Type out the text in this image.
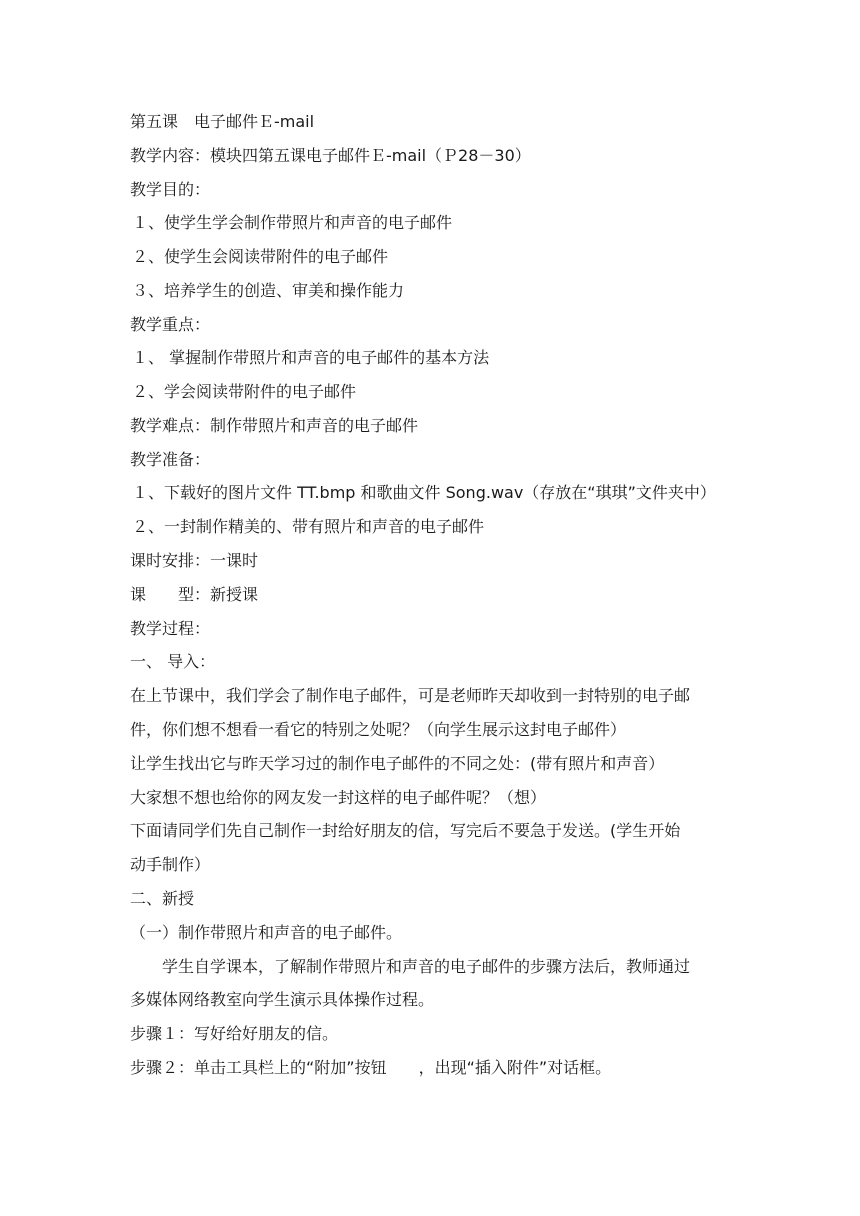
第五课　电子邮件Ｅ-mail
教学内容：模块四第五课电子邮件Ｅ-mail（Ｐ28－30）
教学目的：
１、使学生学会制作带照片和声音的电子邮件
２、使学生会阅读带附件的电子邮件
３、培养学生的创造、审美和操作能力
教学重点：
１、 掌握制作带照片和声音的电子邮件的基本方法
２、学会阅读带附件的电子邮件
教学难点：制作带照片和声音的电子邮件
教学准备：
１、下载好的图片文件 TT.bmp 和歌曲文件 Song.wav（存放在“琪琪”文件夹中）
２、一封制作精美的、带有照片和声音的电子邮件
课时安排：一课时
课　　型：新授课
教学过程：
一、 导入：
在上节课中，我们学会了制作电子邮件，可是老师昨天却收到一封特别的电子邮
件，你们想不想看一看它的特别之处呢？（向学生展示这封电子邮件）
让学生找出它与昨天学习过的制作电子邮件的不同之处：(带有照片和声音）
大家想不想也给你的网友发一封这样的电子邮件呢？（想）
下面请同学们先自己制作一封给好朋友的信，写完后不要急于发送。(学生开始
动手制作）
二、新授
（一）制作带照片和声音的电子邮件。
学生自学课本，了解制作带照片和声音的电子邮件的步骤方法后，教师通过
多媒体网络教室向学生演示具体操作过程。
步骤１：写好给好朋友的信。
步骤２：单击工具栏上的“附加”按钮　　，出现“插入附件”对话框。
